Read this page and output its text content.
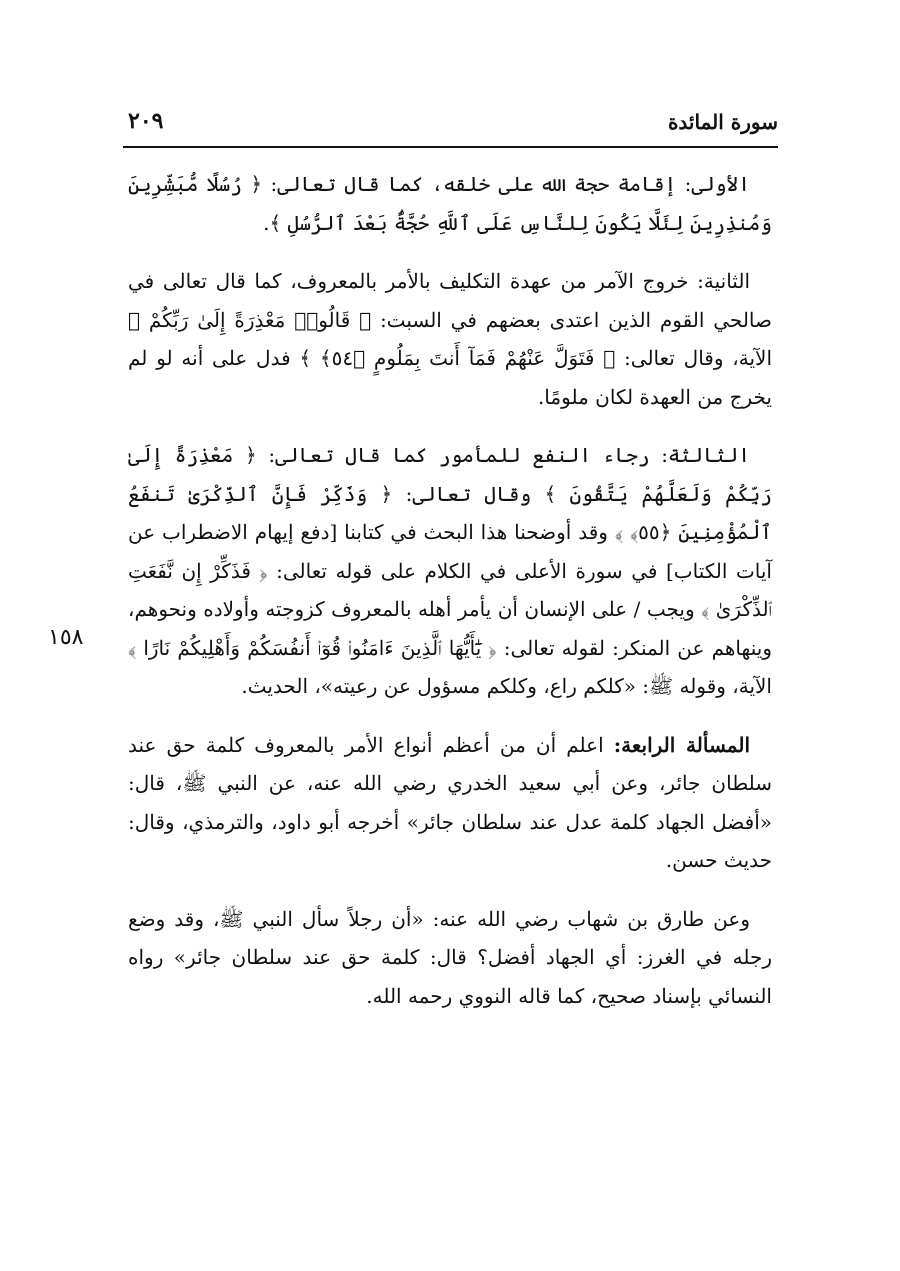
٢٠٩	سورة المائدة
١٥٨

الأولى: إقامة حجة الله على خلقه، كما قال تعالى: ﴿ رُسُلًا مُّبَشِّرِينَ وَمُنذِرِينَ لِئَلَّا يَكُونَ لِلنَّاسِ عَلَى ٱللَّهِ حُجَّةٌۢ بَعْدَ ٱلرُّسُلِ ﴾.

الثانية: خروج الآمر من عهدة التكليف بالأمر بالمعروف، كما قال تعالى في صالحي القوم الذين اعتدى بعضهم في السبت: ﴿ قَالُوا۟ مَعْذِرَةً إِلَىٰ رَبِّكُمْ ﴾ الآية، وقال تعالى: ﴿ فَتَوَلَّ عَنْهُمْ فَمَآ أَنتَ بِمَلُومٍ ﴿٥٤﴾ ﴾ فدل على أنه لو لم يخرج من العهدة لكان ملومًا.

الثالثة: رجاء النفع للمأمور كما قال تعالى: ﴿ مَعْذِرَةً إِلَىٰ رَبِّكُمْ وَلَعَلَّهُمْ يَتَّقُونَ ﴾ وقال تعالى: ﴿ وَذَكِّرْ فَإِنَّ ٱلذِّكْرَىٰ تَنفَعُ ٱلْمُؤْمِنِينَ ﴿٥٥﴾ ﴾ وقد أوضحنا هذا البحث في كتابنا [دفع إيهام الاضطراب عن آيات الكتاب] في سورة الأعلى في الكلام على قوله تعالى: ﴿ فَذَكِّرْ إِن نَّفَعَتِ ٱلذِّكْرَىٰ ﴾ ويجب / على الإنسان أن يأمر أهله بالمعروف كزوجته وأولاده ونحوهم، وينهاهم عن المنكر: لقوله تعالى: ﴿ يَٰٓأَيُّهَا ٱلَّذِينَ ءَامَنُوا۟ قُوٓا۟ أَنفُسَكُمْ وَأَهْلِيكُمْ نَارًا ﴾ الآية، وقوله ﷺ: «كلكم راع، وكلكم مسؤول عن رعيته»، الحديث.

المسألة الرابعة: اعلم أن من أعظم أنواع الأمر بالمعروف كلمة حق عند سلطان جائر، وعن أبي سعيد الخدري رضي الله عنه، عن النبي ﷺ، قال: «أفضل الجهاد كلمة عدل عند سلطان جائر» أخرجه أبو داود، والترمذي، وقال: حديث حسن.

وعن طارق بن شهاب رضي الله عنه: «أن رجلاً سأل النبي ﷺ، وقد وضع رجله في الغرز: أي الجهاد أفضل؟ قال: كلمة حق عند سلطان جائر» رواه النسائي بإسناد صحيح، كما قاله النووي رحمه الله.
